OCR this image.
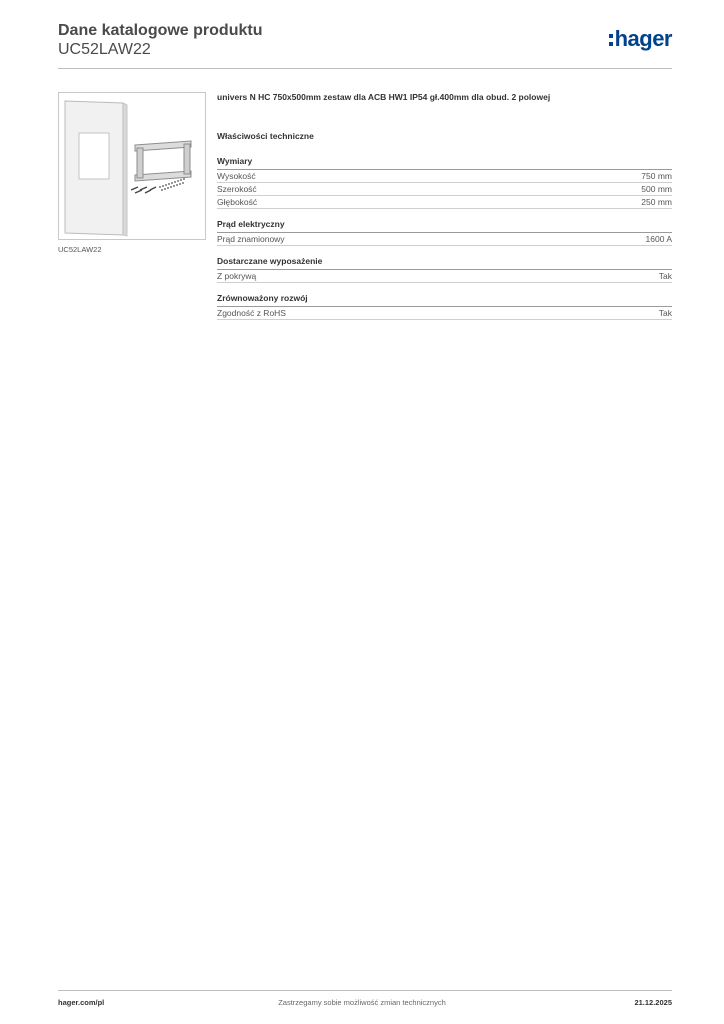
Dane katalogowe produktu
UC52LAW22	hager
UC52LAW22
univers N HC 750x500mm zestaw dla ACB HW1 IP54 gł.400mm dla obud. 2 polowej
Właściwości techniczne
Wymiary
Wysokość	750 mm
Szerokość	500 mm
Głębokość	250 mm
Prąd elektryczny
Prąd znamionowy	1600 A
Dostarczane wyposażenie
Z pokrywą	Tak
Zrównoważony rozwój
Zgodność z RoHS	Tak
hager.com/pl	Zastrzegamy sobie możliwość zmian technicznych	21.12.2025
